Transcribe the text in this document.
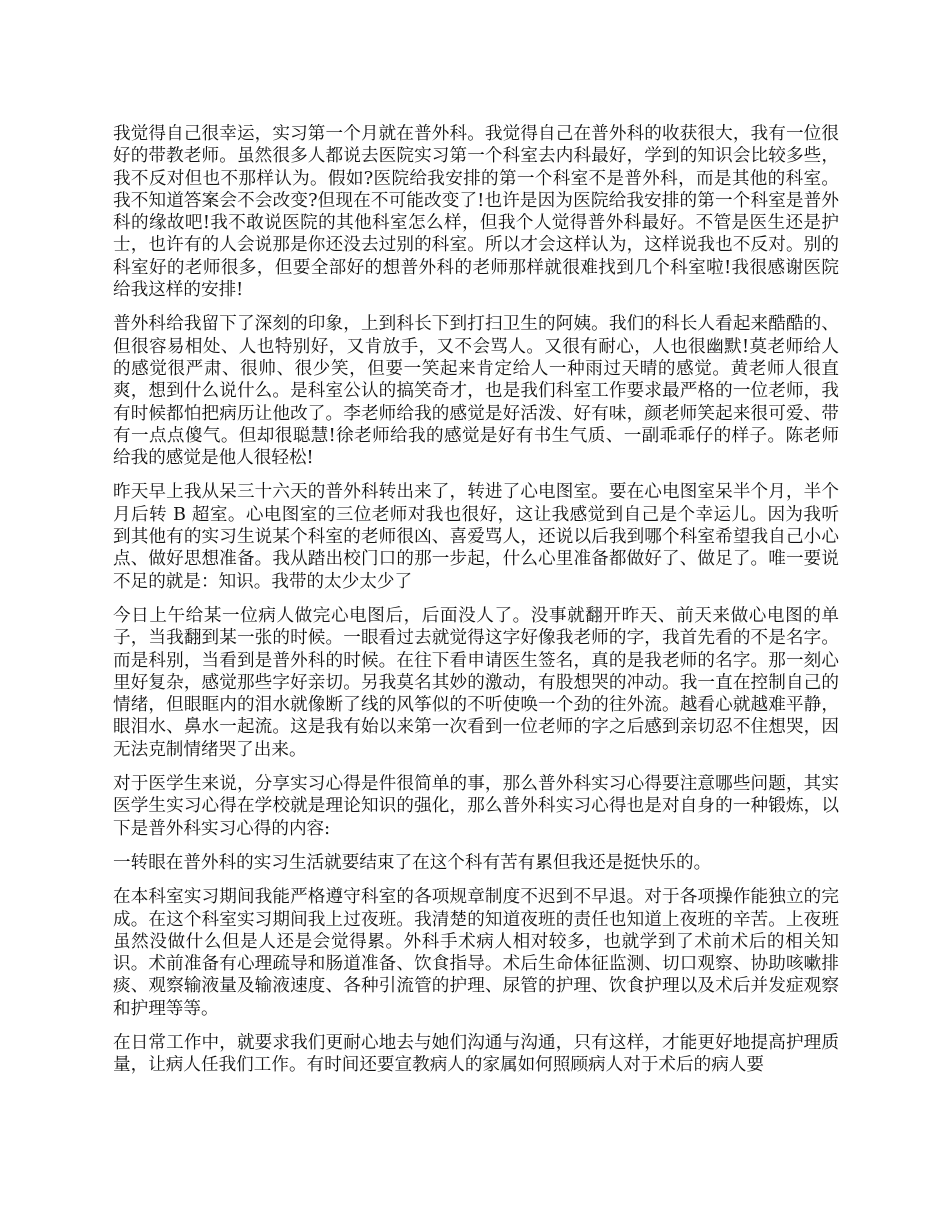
我觉得自己很幸运，实习第一个月就在普外科。我觉得自己在普外科的收获很大，我有一位很好的带教老师。虽然很多人都说去医院实习第一个科室去内科最好，学到的知识会比较多些，我不反对但也不那样认为。假如?医院给我安排的第一个科室不是普外科，而是其他的科室。我不知道答案会不会改变?但现在不可能改变了!也许是因为医院给我安排的第一个科室是普外科的缘故吧!我不敢说医院的其他科室怎么样，但我个人觉得普外科最好。不管是医生还是护士，也许有的人会说那是你还没去过别的科室。所以才会这样认为，这样说我也不反对。别的科室好的老师很多，但要全部好的想普外科的老师那样就很难找到几个科室啦!我很感谢医院给我这样的安排!

普外科给我留下了深刻的印象，上到科长下到打扫卫生的阿姨。我们的科长人看起来酷酷的、但很容易相处、人也特别好，又肯放手，又不会骂人。又很有耐心，人也很幽默!莫老师给人的感觉很严肃、很帅、很少笑，但要一笑起来肯定给人一种雨过天晴的感觉。黄老师人很直爽，想到什么说什么。是科室公认的搞笑奇才，也是我们科室工作要求最严格的一位老师，我有时候都怕把病历让他改了。李老师给我的感觉是好活泼、好有味，颜老师笑起来很可爱、带有一点点傻气。但却很聪慧!徐老师给我的感觉是好有书生气质、一副乖乖仔的样子。陈老师给我的感觉是他人很轻松!

昨天早上我从呆三十六天的普外科转出来了，转进了心电图室。要在心电图室呆半个月，半个月后转 B 超室。心电图室的三位老师对我也很好，这让我感觉到自己是个幸运儿。因为我听到其他有的实习生说某个科室的老师很凶、喜爱骂人，还说以后我到哪个科室希望我自己小心点、做好思想准备。我从踏出校门口的那一步起，什么心里准备都做好了、做足了。唯一要说不足的就是：知识。我带的太少太少了

今日上午给某一位病人做完心电图后，后面没人了。没事就翻开昨天、前天来做心电图的单子，当我翻到某一张的时候。一眼看过去就觉得这字好像我老师的字，我首先看的不是名字。而是科别，当看到是普外科的时候。在往下看申请医生签名，真的是我老师的名字。那一刻心里好复杂，感觉那些字好亲切。另我莫名其妙的激动，有股想哭的冲动。我一直在控制自己的情绪，但眼眶内的泪水就像断了线的风筝似的不听使唤一个劲的往外流。越看心就越难平静，眼泪水、鼻水一起流。这是我有始以来第一次看到一位老师的字之后感到亲切忍不住想哭，因无法克制情绪哭了出来。

对于医学生来说，分享实习心得是件很简单的事，那么普外科实习心得要注意哪些问题，其实医学生实习心得在学校就是理论知识的强化，那么普外科实习心得也是对自身的一种锻炼，以下是普外科实习心得的内容:

一转眼在普外科的实习生活就要结束了在这个科有苦有累但我还是挺快乐的。

在本科室实习期间我能严格遵守科室的各项规章制度不迟到不早退。对于各项操作能独立的完成。在这个科室实习期间我上过夜班。我清楚的知道夜班的责任也知道上夜班的辛苦。上夜班虽然没做什么但是人还是会觉得累。外科手术病人相对较多，也就学到了术前术后的相关知识。术前准备有心理疏导和肠道准备、饮食指导。术后生命体征监测、切口观察、协助咳嗽排痰、观察输液量及输液速度、各种引流管的护理、尿管的护理、饮食护理以及术后并发症观察和护理等等。

在日常工作中，就要求我们更耐心地去与她们沟通与沟通，只有这样，才能更好地提高护理质量，让病人任我们工作。有时间还要宣教病人的家属如何照顾病人对于术后的病人要
